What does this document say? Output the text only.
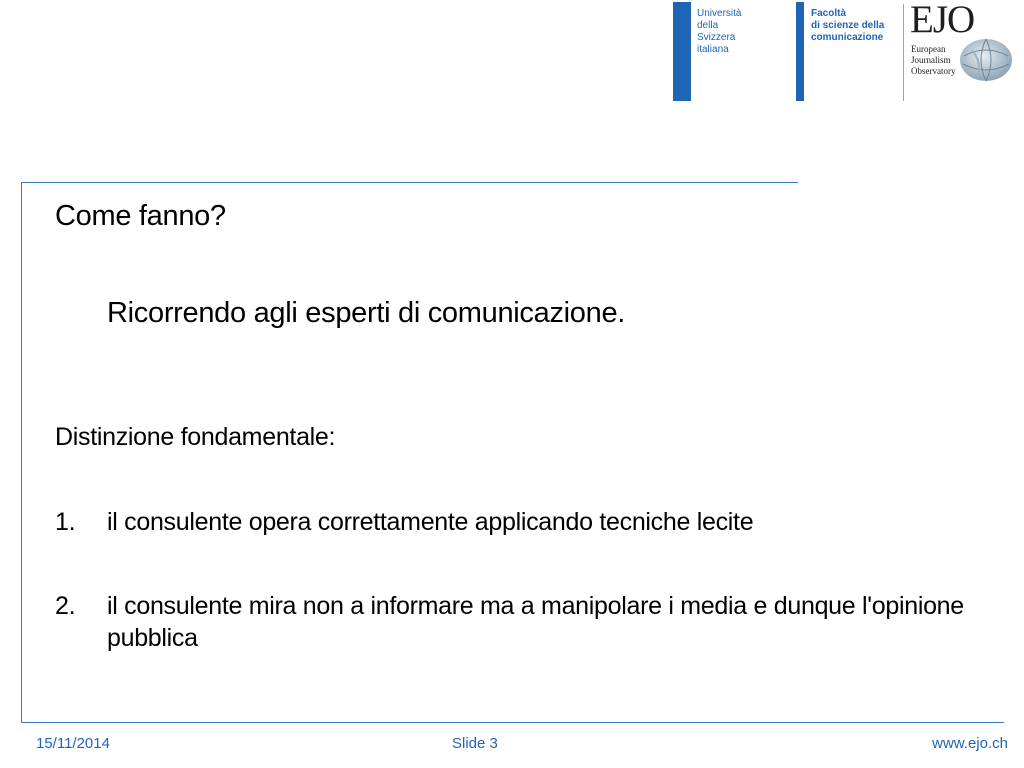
Università
della
Svizzera
italiana
Facoltà
di scienze della
comunicazione EJO
European
Journalism
Observatory
Come fanno?
Ricorrendo agli esperti di comunicazione.
Distinzione fondamentale:
1. il consulente opera correttamente applicando tecniche lecite
2. il consulente mira non a informare ma a manipolare i media e dunque l'opinione pubblica
15/11/2014	Slide 3	www.ejo.ch
